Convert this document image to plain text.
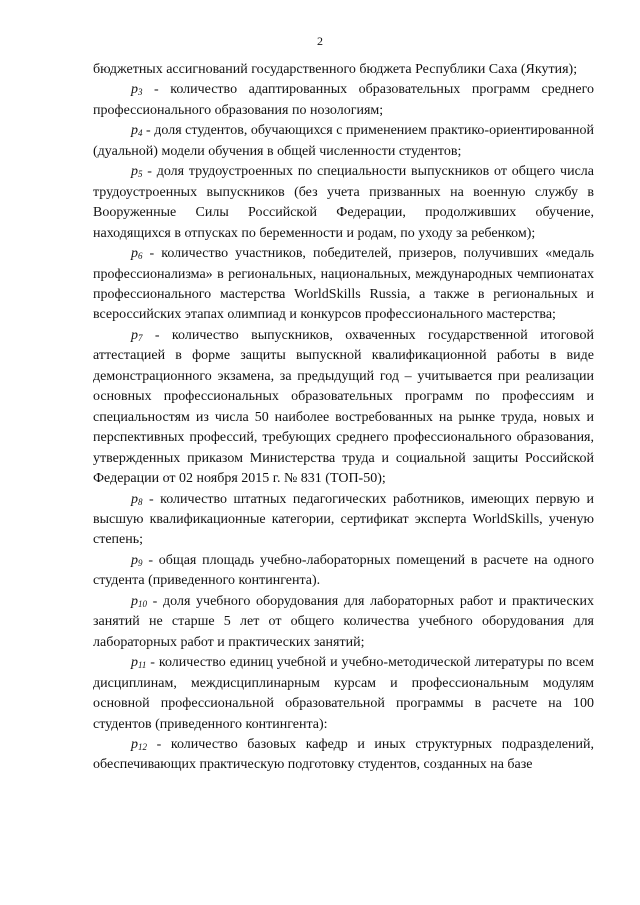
2

бюджетных ассигнований государственного бюджета Республики Саха (Якутия);

$p_3$ - количество адаптированных образовательных программ среднего профессионального образования по нозологиям;

$p_4$ - доля студентов, обучающихся с применением практико-ориентированной (дуальной) модели обучения в общей численности студентов;

$p_5$ - доля трудоустроенных по специальности выпускников от общего числа трудоустроенных выпускников (без учета призванных на военную службу в Вооруженные Силы Российской Федерации, продолживших обучение, находящихся в отпусках по беременности и родам, по уходу за ребенком);

$p_6$ - количество участников, победителей, призеров, получивших «медаль профессионализма» в региональных, национальных, международных чемпионатах профессионального мастерства WorldSkills Russia, а также в региональных и всероссийских этапах олимпиад и конкурсов профессионального мастерства;

$p_7$ - количество выпускников, охваченных государственной итоговой аттестацией в форме защиты выпускной квалификационной работы в виде демонстрационного экзамена, за предыдущий год – учитывается при реализации основных профессиональных образовательных программ по профессиям и специальностям из числа 50 наиболее востребованных на рынке труда, новых и перспективных профессий, требующих среднего профессионального образования, утвержденных приказом Министерства труда и социальной защиты Российской Федерации от 02 ноября 2015 г. № 831 (ТОП-50);

$p_8$ - количество штатных педагогических работников, имеющих первую и высшую квалификационные категории, сертификат эксперта WorldSkills, ученую степень;

$p_9$ - общая площадь учебно-лабораторных помещений в расчете на одного студента (приведенного контингента).

$p_{10}$ - доля учебного оборудования для лабораторных работ и практических занятий не старше 5 лет от общего количества учебного оборудования для лабораторных работ и практических занятий;

$p_{11}$ - количество единиц учебной и учебно-методической литературы по всем дисциплинам, междисциплинарным курсам и профессиональным модулям основной профессиональной образовательной программы в расчете на 100 студентов (приведенного контингента):

$p_{12}$ - количество базовых кафедр и иных структурных подразделений, обеспечивающих практическую подготовку студентов, созданных на базе
